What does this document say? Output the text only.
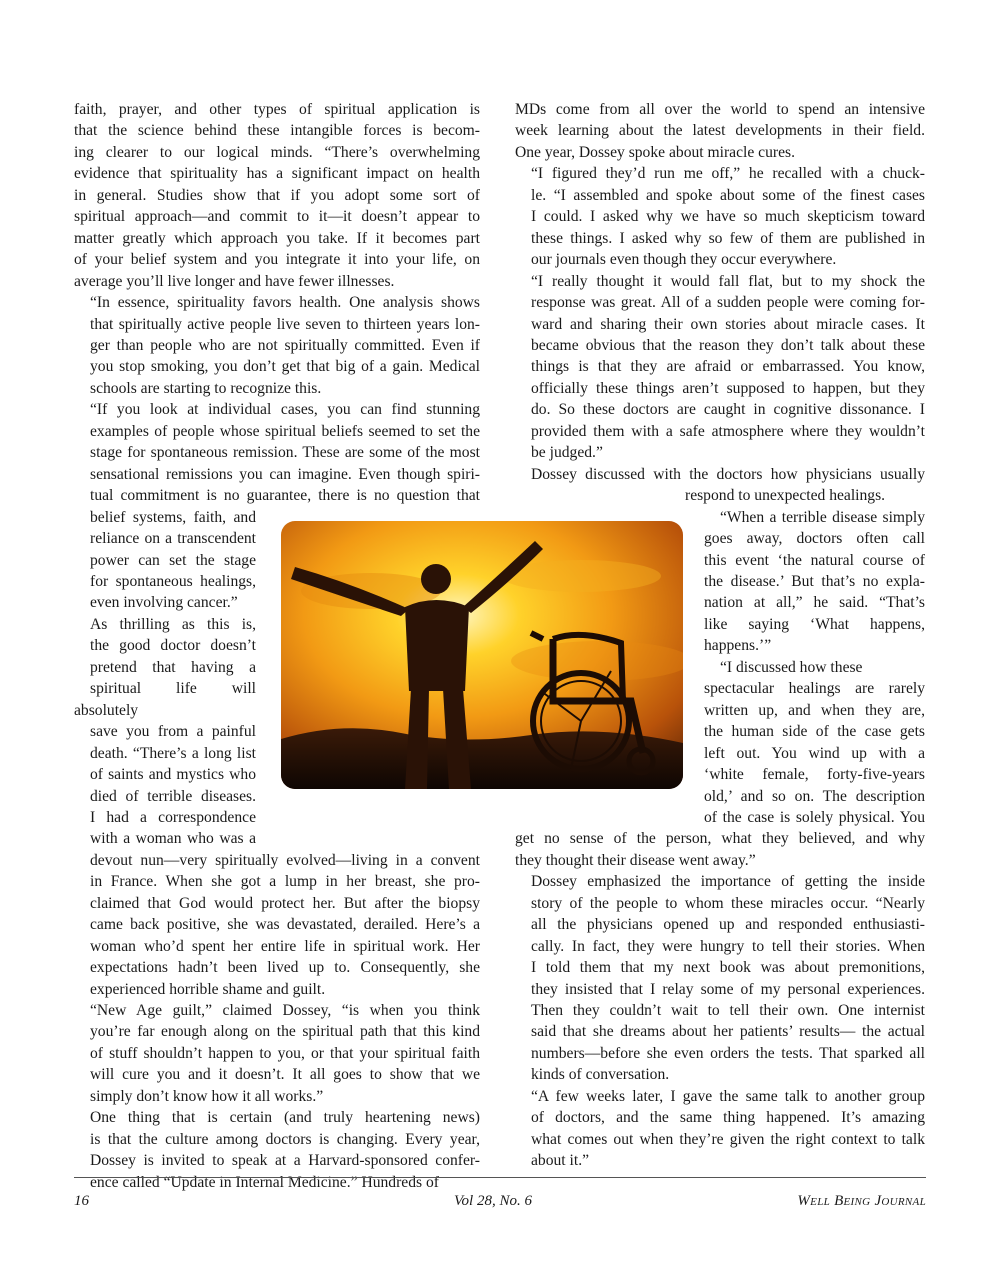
faith, prayer, and other types of spiritual application is
that the science behind these intangible forces is becom-
ing clearer to our logical minds. “There’s overwhelming
evidence that spirituality has a significant impact on health
in general. Studies show that if you adopt some sort of
spiritual approach—and commit to it—it doesn’t appear to
matter greatly which approach you take. If it becomes part
of your belief system and you integrate it into your life, on
average you’ll live longer and have fewer illnesses.

“In essence, spirituality favors health. One analysis shows
that spiritually active people live seven to thirteen years lon-
ger than people who are not spiritually committed. Even if
you stop smoking, you don’t get that big of a gain. Medical
schools are starting to recognize this.

“If you look at individual cases, you can find stunning
examples of people whose spiritual beliefs seemed to set the
stage for spontaneous remission. These are some of the most
sensational remissions you can imagine. Even though spiri-
tual commitment is no guarantee, there is no question that
belief systems, faith, and
reliance on a transcendent
power can set the stage
for spontaneous healings,
even involving cancer.”

As thrilling as this is,
the good doctor doesn’t
pretend that having a
spiritual life will absolutely
save you from a painful
death. “There’s a long list
of saints and mystics who
died of terrible diseases.
I had a correspondence
with a woman who was a
devout nun—very spiritually evolved—living in a convent
in France. When she got a lump in her breast, she pro-
claimed that God would protect her. But after the biopsy
came back positive, she was devastated, derailed. Here’s a
woman who’d spent her entire life in spiritual work. Her
expectations hadn’t been lived up to. Consequently, she
experienced horrible shame and guilt.

“New Age guilt,” claimed Dossey, “is when you think
you’re far enough along on the spiritual path that this kind
of stuff shouldn’t happen to you, or that your spiritual faith
will cure you and it doesn’t. It all goes to show that we
simply don’t know how it all works.”

One thing that is certain (and truly heartening news)
is that the culture among doctors is changing. Every year,
Dossey is invited to speak at a Harvard-sponsored confer-
ence called “Update in Internal Medicine.” Hundreds of

MDs come from all over the world to spend an intensive
week learning about the latest developments in their field.
One year, Dossey spoke about miracle cures.

“I figured they’d run me off,” he recalled with a chuck-
le. “I assembled and spoke about some of the finest cases
I could. I asked why we have so much skepticism toward
these things. I asked why so few of them are published in
our journals even though they occur everywhere.

“I really thought it would fall flat, but to my shock the
response was great. All of a sudden people were coming for-
ward and sharing their own stories about miracle cases. It
became obvious that the reason they don’t talk about these
things is that they are afraid or embarrassed. You know,
officially these things aren’t supposed to happen, but they
do. So these doctors are caught in cognitive dissonance. I
provided them with a safe atmosphere where they wouldn’t
be judged.”

Dossey discussed with the doctors how physicians usually
respond to unexpected healings.

“When a terrible disease simply
goes away, doctors often call
this event ‘the natural course of
the disease.’ But that’s no expla-
nation at all,” he said. “That’s
like saying ‘What happens,
happens.’”

“I discussed how these
spectacular healings are rarely
written up, and when they are,
the human side of the case gets
left out. You wind up with a
‘white female, forty-five-years
old,’ and so on. The description
of the case is solely physical. You
get no sense of the person, what they believed, and why
they thought their disease went away.”

Dossey emphasized the importance of getting the inside
story of the people to whom these miracles occur. “Nearly
all the physicians opened up and responded enthusiasti-
cally. In fact, they were hungry to tell their stories. When
I told them that my next book was about premonitions,
they insisted that I relay some of my personal experiences.
Then they couldn’t wait to tell their own. One internist
said that she dreams about her patients’ results— the actual
numbers—before she even orders the tests. That sparked all
kinds of conversation.

“A few weeks later, I gave the same talk to another group
of doctors, and the same thing happened. It’s amazing
what comes out when they’re given the right context to talk
about it.”

16	Vol 28, No. 6	Well Being Journal
